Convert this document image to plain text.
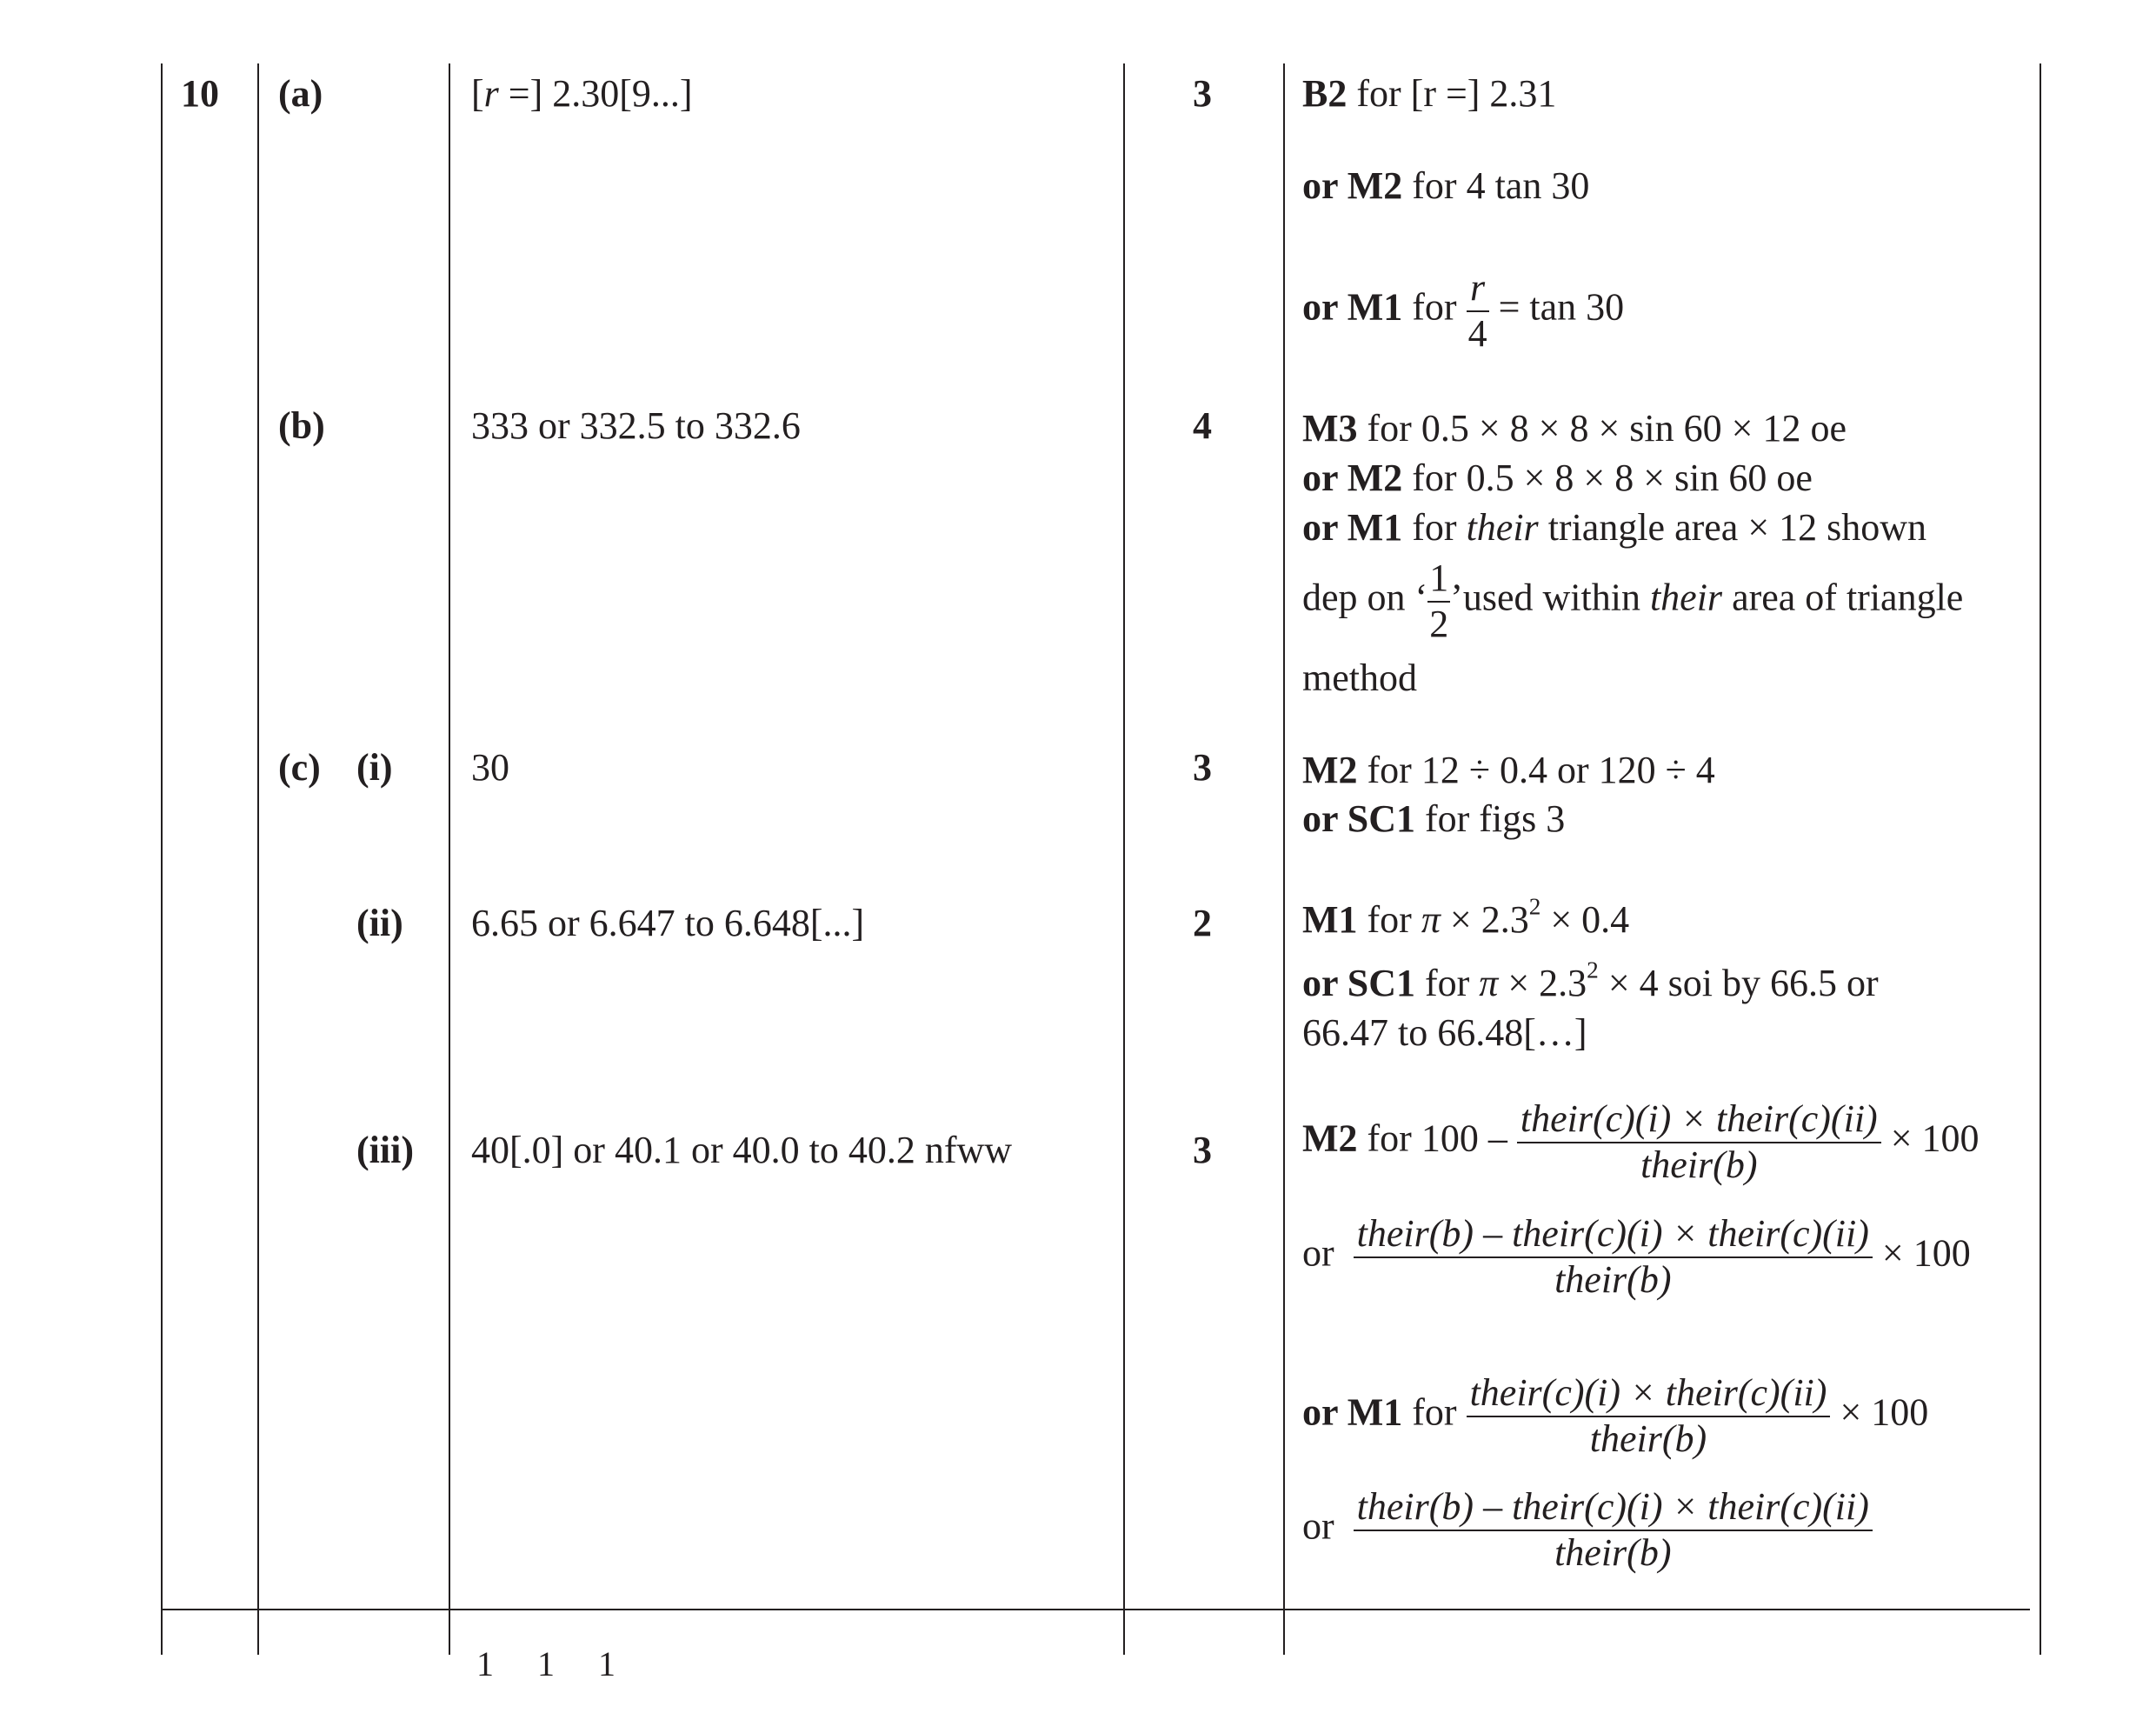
10 (a)	[r =] 2.30[9...]	3 B2 for [r =] 2.31
or M2 for 4 tan 30
or M1 for $\frac{r}{4} = \tan 30$
(b)	333 or 332.5 to 332.6	4 M3 for 0.5 × 8 × 8 × sin 60 × 12 oe
or M2 for 0.5 × 8 × 8 × sin 60 oe
or M1 for their triangle area × 12 shown
dep on ‘ $\frac{1}{2}$ ’used within their area of triangle
method
(c) (i) 30	3 M2 for 12 ÷ 0.4 or 120 ÷ 4
or SC1 for figs 3
(ii) 6.65 or 6.647 to 6.648[...]	2 M1 for $\pi \times 2.3^2 \times 0.4$
or SC1 for $\pi \times 2.3^2 \times 4$ soi by 66.5 or
66.47 to 66.48[…]
(iii) 40[.0] or 40.1 or 40.0 to 40.2 nfww	3 M2 for $100 - \frac{\text{their(c)(i) × their(c)(ii)}}{\text{their(b)}} \times 100$
or $\frac{\text{their(b) – their(c)(i) × their(c)(ii)}}{\text{their(b)}} \times 100$
or M1 for $\frac{\text{their(c)(i) × their(c)(ii)}}{\text{their(b)}} \times 100$
or $\frac{\text{their(b) – their(c)(i) × their(c)(ii)}}{\text{their(b)}}$
1     1     1
